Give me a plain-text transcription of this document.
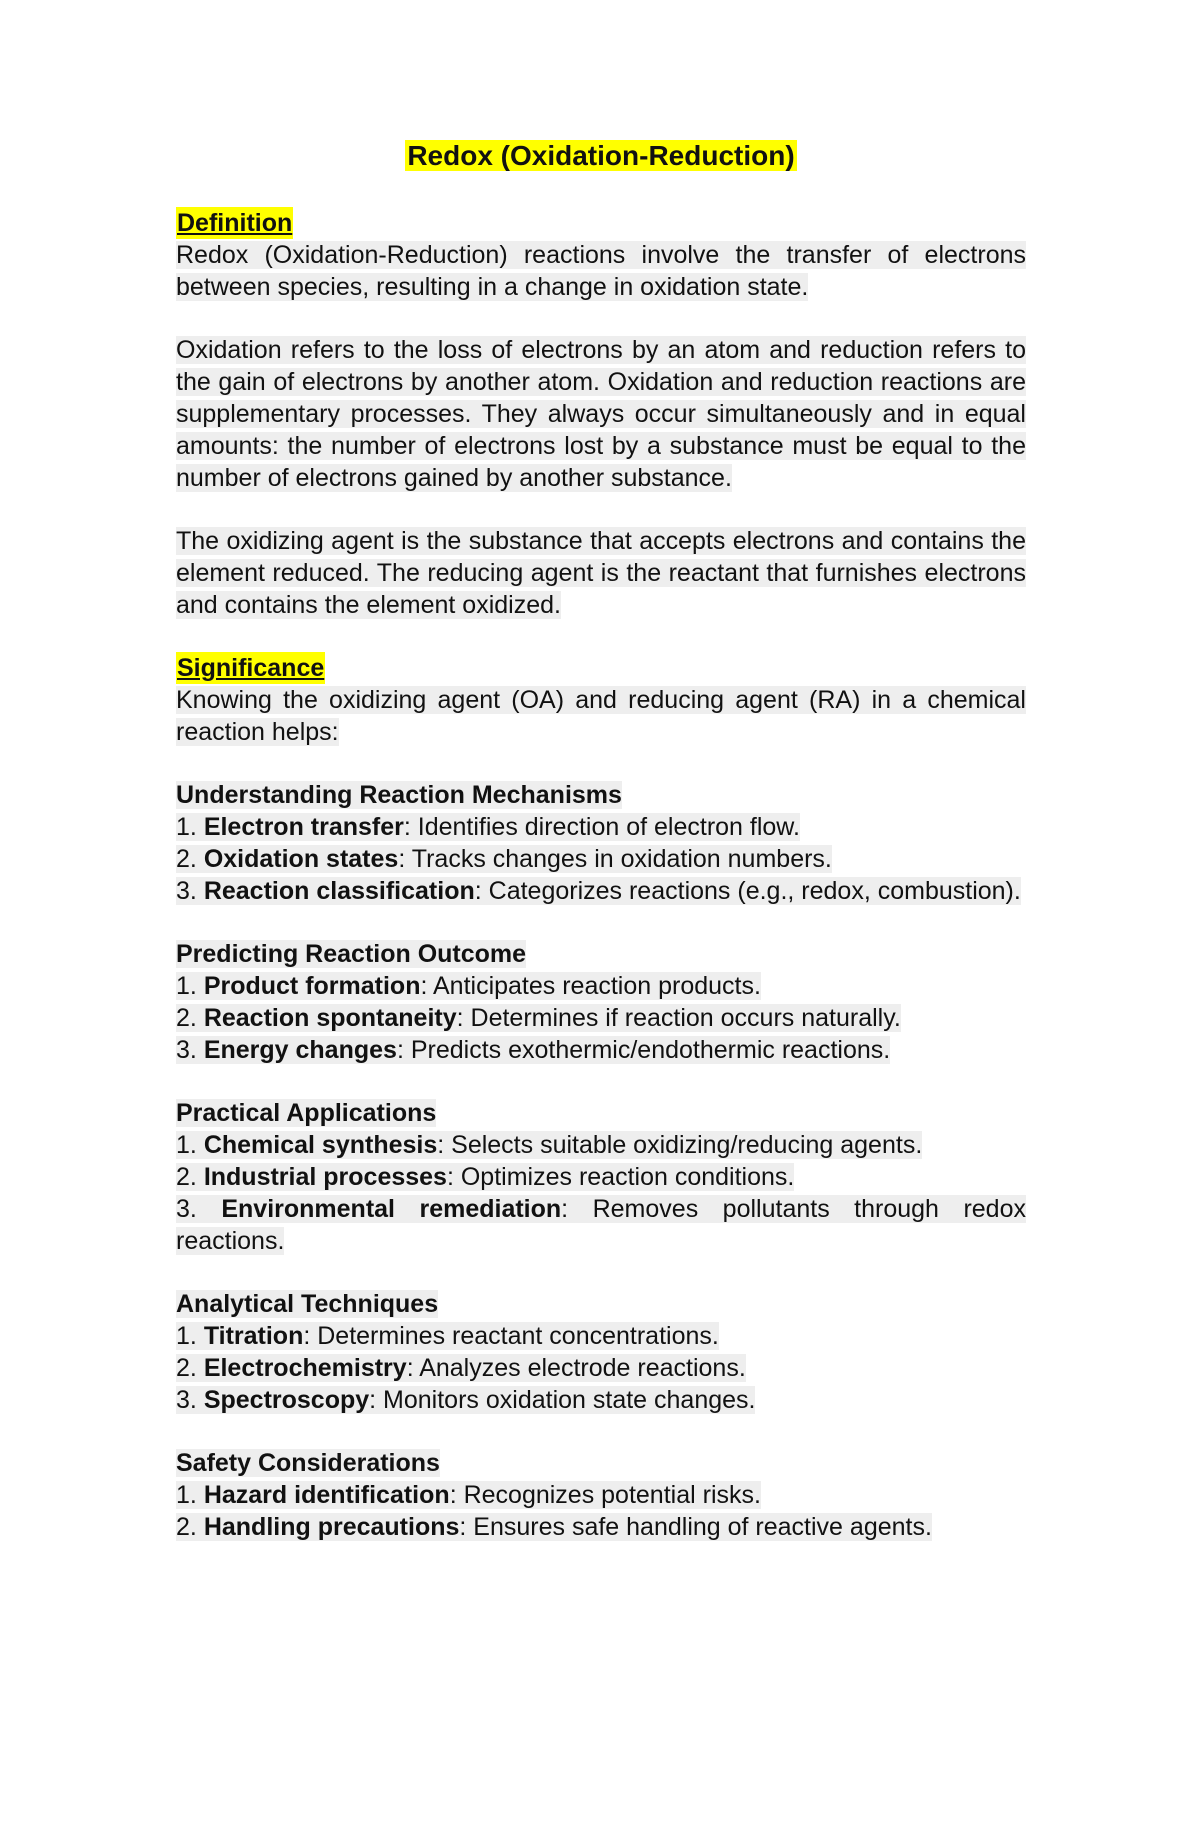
Redox (Oxidation-Reduction)
Definition

Redox (Oxidation-Reduction) reactions involve the transfer of electrons between species, resulting in a change in oxidation state.

Oxidation refers to the loss of electrons by an atom and reduction refers to the gain of electrons by another atom. Oxidation and reduction reactions are supplementary processes. They always occur simultaneously and in equal amounts: the number of electrons lost by a substance must be equal to the number of electrons gained by another substance.

The oxidizing agent is the substance that accepts electrons and contains the element reduced. The reducing agent is the reactant that furnishes electrons and contains the element oxidized.

Significance

Knowing the oxidizing agent (OA) and reducing agent (RA) in a chemical reaction helps:

Understanding Reaction Mechanisms

1. Electron transfer: Identifies direction of electron flow.
2. Oxidation states: Tracks changes in oxidation numbers.
3. Reaction classification: Categorizes reactions (e.g., redox, combustion).

Predicting Reaction Outcome

1. Product formation: Anticipates reaction products.
2. Reaction spontaneity: Determines if reaction occurs naturally.
3. Energy changes: Predicts exothermic/endothermic reactions.

Practical Applications

1. Chemical synthesis: Selects suitable oxidizing/reducing agents.
2. Industrial processes: Optimizes reaction conditions.
3. Environmental remediation: Removes pollutants through redox reactions.

Analytical Techniques

1. Titration: Determines reactant concentrations.
2. Electrochemistry: Analyzes electrode reactions.
3. Spectroscopy: Monitors oxidation state changes.

Safety Considerations

1. Hazard identification: Recognizes potential risks.
2. Handling precautions: Ensures safe handling of reactive agents.
